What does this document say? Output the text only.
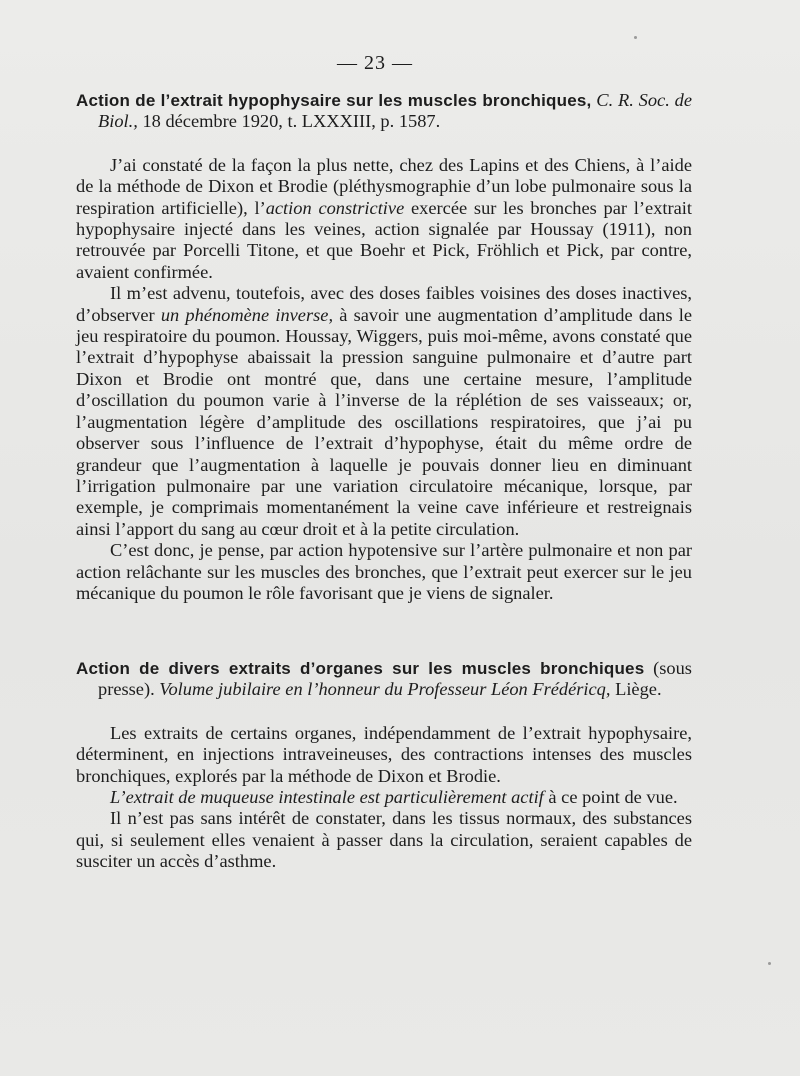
— 23 —
Action de l’extrait hypophysaire sur les muscles bronchiques, C. R. Soc. de Biol., 18 décembre 1920, t. LXXXIII, p. 1587.

J’ai constaté de la façon la plus nette, chez des Lapins et des Chiens, à l’aide de la méthode de Dixon et Brodie (pléthysmographie d’un lobe pulmonaire sous la respiration artificielle), l’action constrictive exercée sur les bronches par l’extrait hypophysaire injecté dans les veines, action signalée par Houssay (1911), non retrouvée par Porcelli Titone, et que Boehr et Pick, Fröhlich et Pick, par contre, avaient confirmée.

Il m’est advenu, toutefois, avec des doses faibles voisines des doses inactives, d’observer un phénomène inverse, à savoir une augmentation d’amplitude dans le jeu respiratoire du poumon. Houssay, Wiggers, puis moi-même, avons constaté que l’extrait d’hypophyse abaissait la pression sanguine pulmonaire et d’autre part Dixon et Brodie ont montré que, dans une certaine mesure, l’amplitude d’oscillation du poumon varie à l’inverse de la réplétion de ses vaisseaux; or, l’augmentation légère d’amplitude des oscillations respiratoires, que j’ai pu observer sous l’influence de l’extrait d’hypophyse, était du même ordre de grandeur que l’augmentation à laquelle je pouvais donner lieu en diminuant l’irrigation pulmonaire par une variation circulatoire mécanique, lorsque, par exemple, je comprimais momentanément la veine cave inférieure et restreignais ainsi l’apport du sang au cœur droit et à la petite circulation.

C’est donc, je pense, par action hypotensive sur l’artère pulmonaire et non par action relâchante sur les muscles des bronches, que l’extrait peut exercer sur le jeu mécanique du poumon le rôle favorisant que je viens de signaler.

Action de divers extraits d’organes sur les muscles bronchiques (sous presse). Volume jubilaire en l’honneur du Professeur Léon Frédéricq, Liège.

Les extraits de certains organes, indépendamment de l’extrait hypophysaire, déterminent, en injections intraveineuses, des contractions intenses des muscles bronchiques, explorés par la méthode de Dixon et Brodie.

L’extrait de muqueuse intestinale est particulièrement actif à ce point de vue.

Il n’est pas sans intérêt de constater, dans les tissus normaux, des substances qui, si seulement elles venaient à passer dans la circulation, seraient capables de susciter un accès d’asthme.
